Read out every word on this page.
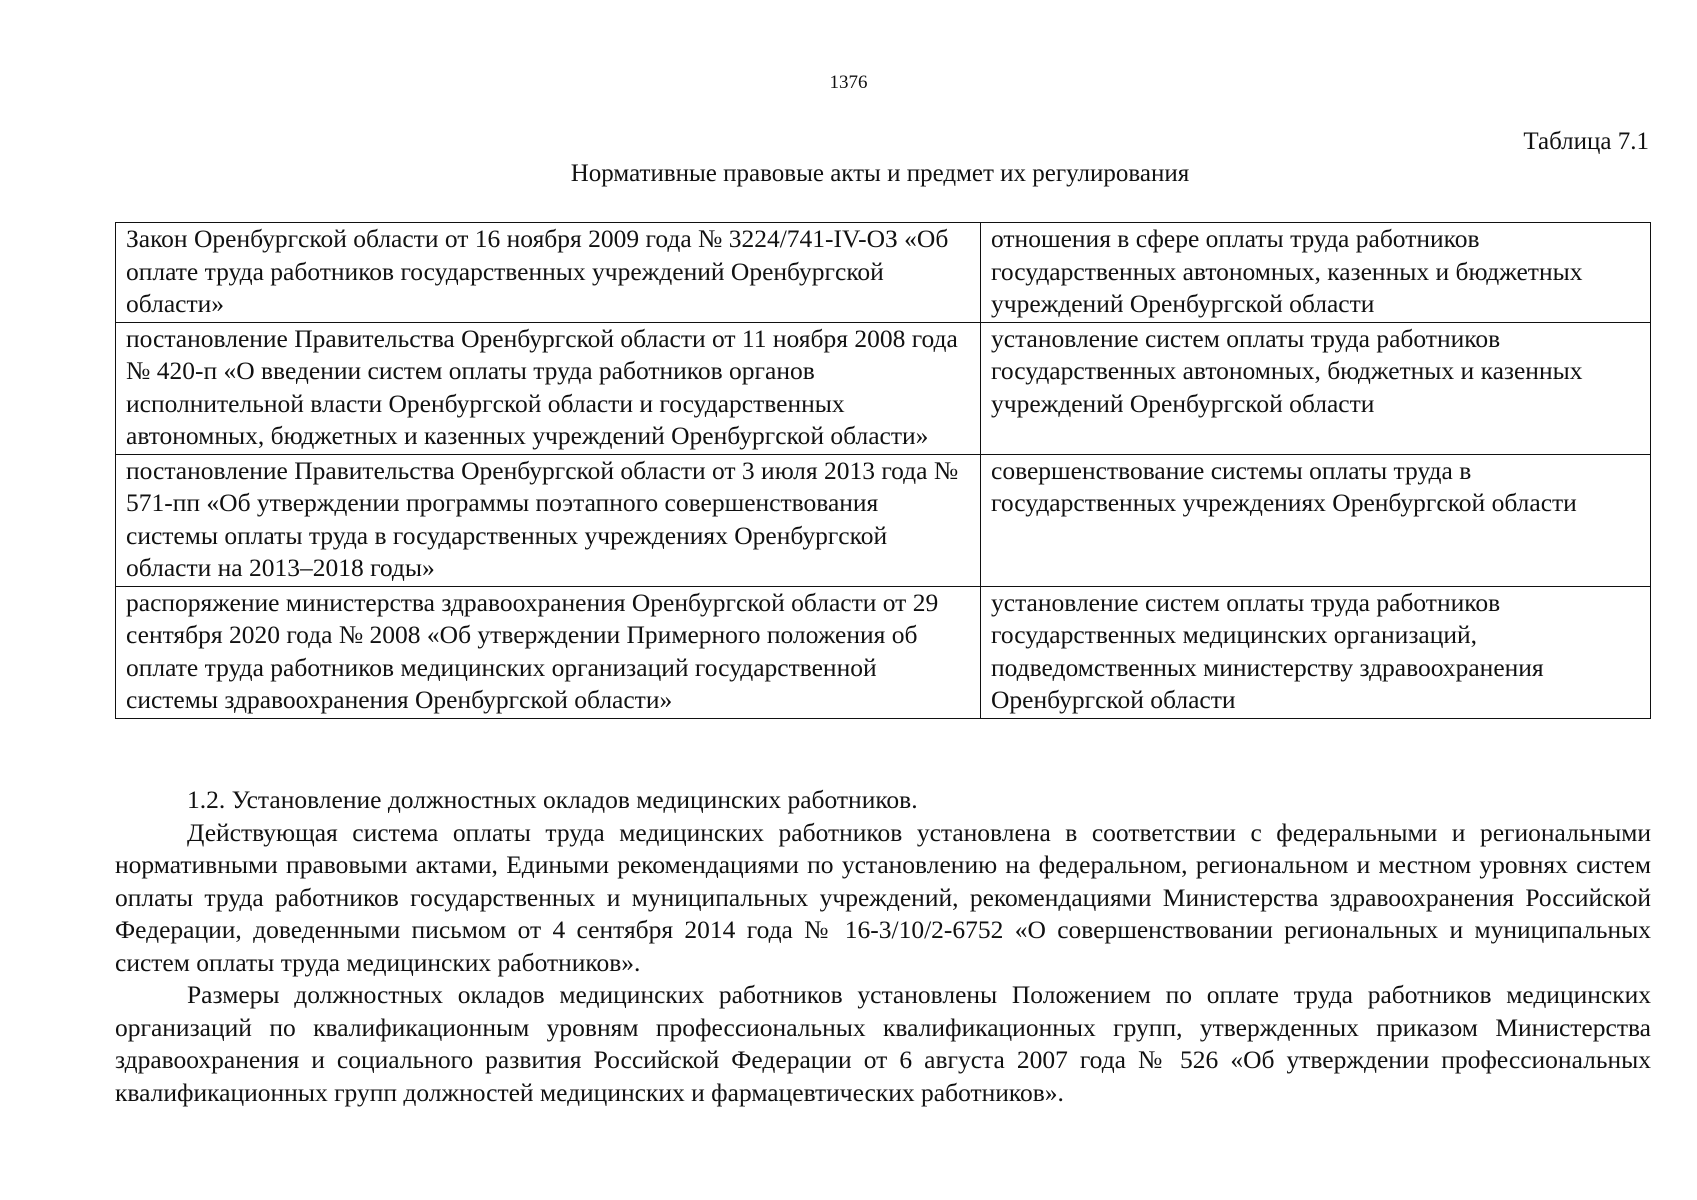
1376
Таблица 7.1
Нормативные правовые акты и предмет их регулирования
Закон Оренбургской области от 16 ноября 2009 года № 3224/741-IV-ОЗ «Об оплате труда работников государственных учреждений Оренбургской области»	отношения в сфере оплаты труда работников государственных автономных, казенных и бюджетных учреждений Оренбургской области
постановление Правительства Оренбургской области от 11 ноября 2008 года № 420-п «О введении систем оплаты труда работников органов исполнительной власти Оренбургской области и государственных автономных, бюджетных и казенных учреждений Оренбургской области»	установление систем оплаты труда работников государственных автономных, бюджетных и казенных учреждений Оренбургской области
постановление Правительства Оренбургской области от 3 июля 2013 года № 571-пп «Об утверждении программы поэтапного совершенствования системы оплаты труда в государственных учреждениях Оренбургской области на 2013–2018 годы»	совершенствование системы оплаты труда в государственных учреждениях Оренбургской области
распоряжение министерства здравоохранения Оренбургской области от 29 сентября 2020 года № 2008 «Об утверждении Примерного положения об оплате труда работников медицинских организаций государственной системы здравоохранения Оренбургской области»	установление систем оплаты труда работников государственных медицинских организаций, подведомственных министерству здравоохранения Оренбургской области

1.2. Установление должностных окладов медицинских работников.

Действующая система оплаты труда медицинских работников установлена в соответствии с федеральными и региональными нормативными правовыми актами, Едиными рекомендациями по установлению на федеральном, региональном и местном уровнях систем оплаты труда работников государственных и муниципальных учреждений, рекомендациями Министерства здравоохранения Российской Федерации, доведенными письмом от 4 сентября 2014 года № 16-3/10/2-6752 «О совершенствовании региональных и муниципальных систем оплаты труда медицинских работников».

Размеры должностных окладов медицинских работников установлены Положением по оплате труда работников медицинских организаций по квалификационным уровням профессиональных квалификационных групп, утвержденных приказом Министерства здравоохранения и социального развития Российской Федерации от 6 августа 2007 года № 526 «Об утверждении профессиональных квалификационных групп должностей медицинских и фармацевтических работников».
